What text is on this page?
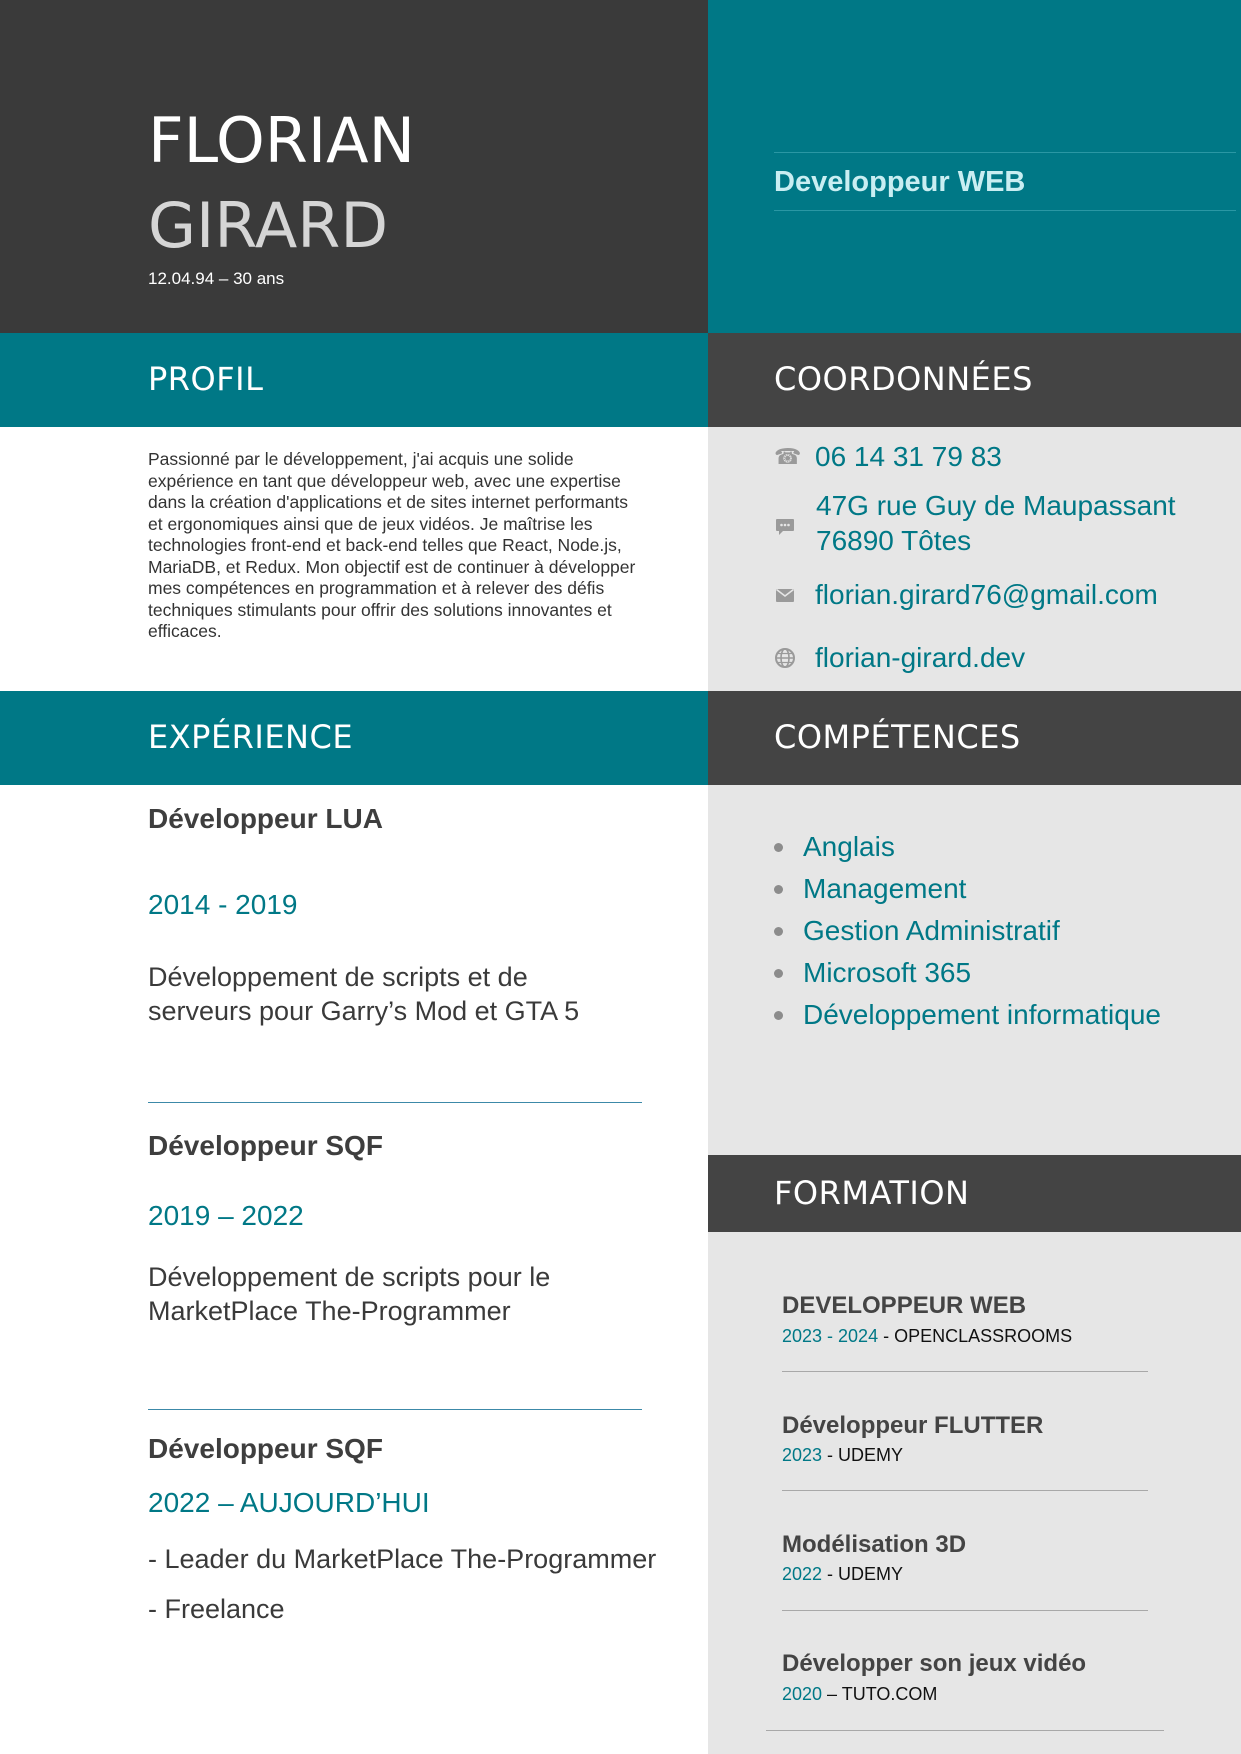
FLORIAN
GIRARD
12.04.94 – 30 ans
Developpeur WEB
PROFIL	COORDONNÉES
Passionné par le développement, j'ai acquis une solide expérience en tant que développeur web, avec une expertise dans la création d'applications et de sites internet performants et ergonomiques ainsi que de jeux vidéos. Je maîtrise les technologies front-end et back-end telles que React, Node.js, MariaDB, et Redux. Mon objectif est de continuer à développer mes compétences en programmation et à relever des défis techniques stimulants pour offrir des solutions innovantes et efficaces.
☎ 06 14 31 79 83
47G rue Guy de Maupassant
76890 Tôtes
florian.girard76@gmail.com
florian-girard.dev
EXPÉRIENCE	COMPÉTENCES
Développeur LUA
2014 - 2019
Développement de scripts et de
serveurs pour Garry’s Mod et GTA 5
Développeur SQF
2019 – 2022
Développement de scripts pour le
MarketPlace The-Programmer
Développeur SQF
2022 – AUJOURD’HUI
- Leader du MarketPlace The-Programmer
- Freelance
Anglais
Management
Gestion Administratif
Microsoft 365
Développement informatique
FORMATION
DEVELOPPEUR WEB
2023 - 2024 - OPENCLASSROOMS
Développeur FLUTTER
2023 - UDEMY
Modélisation 3D
2022 - UDEMY
Développer son jeux vidéo
2020 – TUTO.COM
